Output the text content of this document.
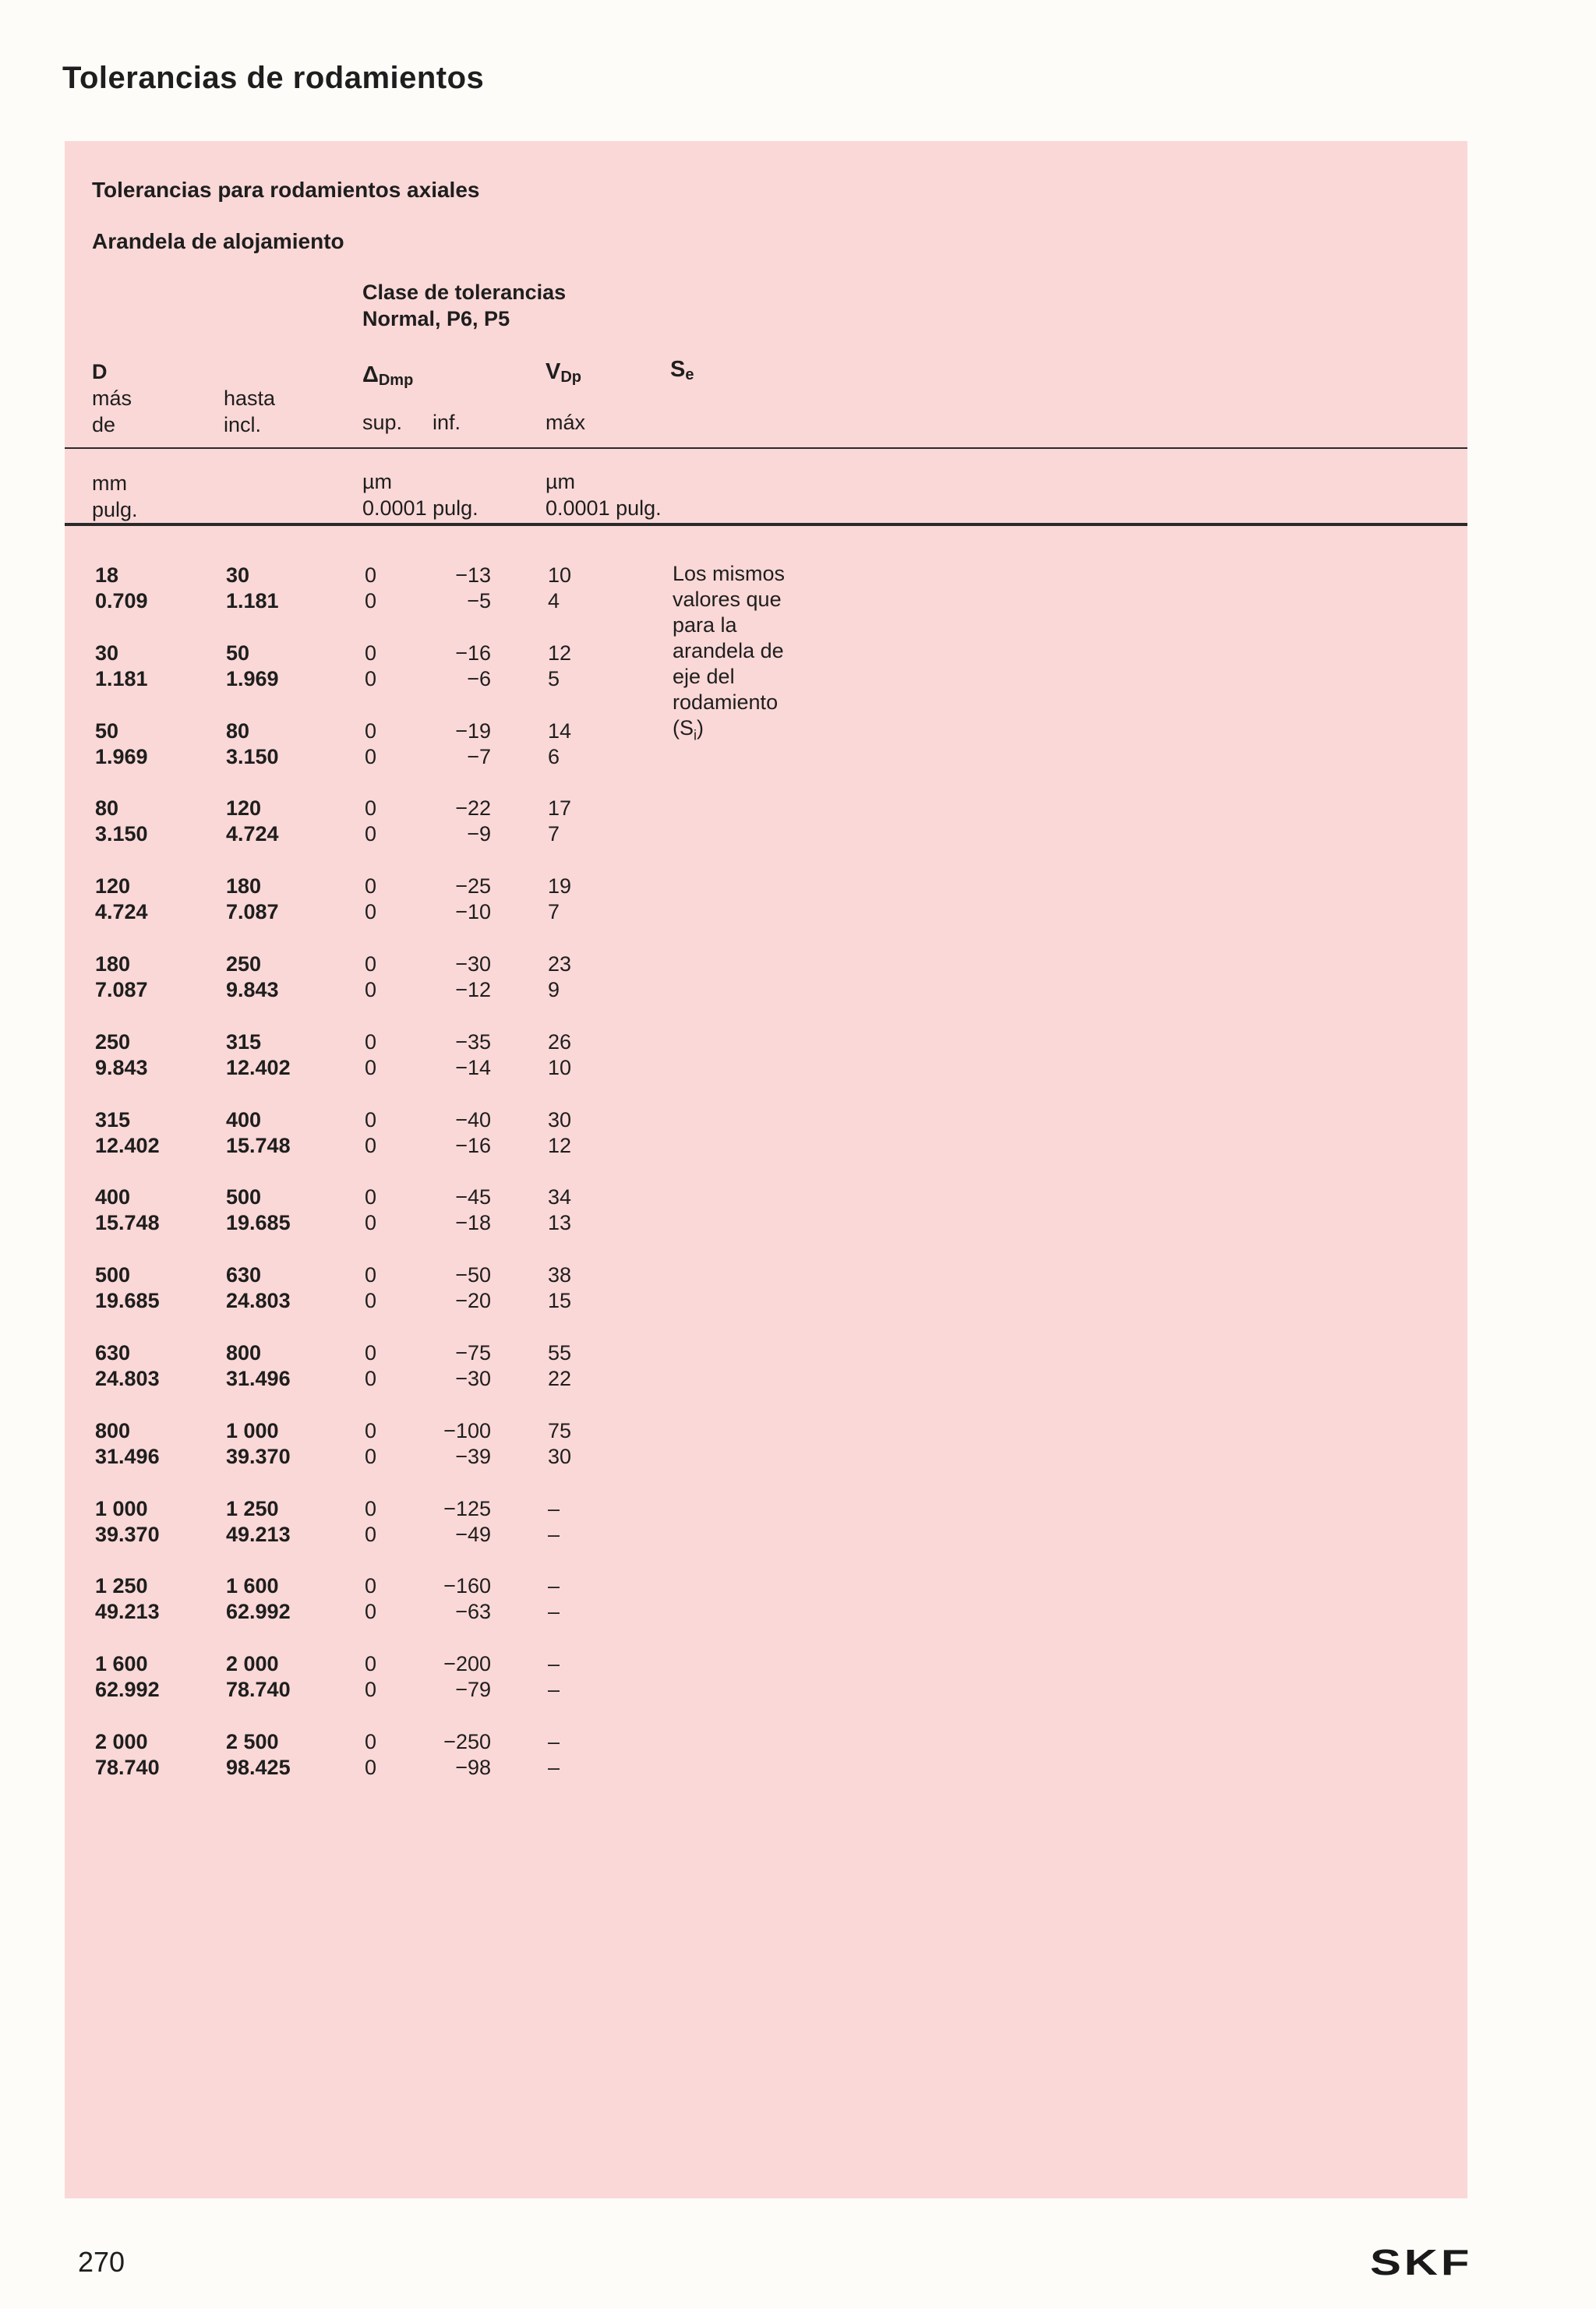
Tolerancias de rodamientos
Tolerancias para rodamientos axiales
Arandela de alojamiento
Clase de tolerancias
Normal, P6, P5
D
más
de
hasta
incl.
$\Delta_{Dmp}$
sup. inf.
$V_{Dp}$
máx
$S_e$
mm
pulg.
µm
0.0001 pulg.
µm
0.0001 pulg.
18
0.709
30
1.181
0
0
−13
−5
10
4
30
1.181
50
1.969
0
0
−16
−6
12
5
50
1.969
80
3.150
0
0
−19
−7
14
6
80
3.150
120
4.724
0
0
−22
−9
17
7
120
4.724
180
7.087
0
0
−25
−10
19
7
180
7.087
250
9.843
0
0
−30
−12
23
9
250
9.843
315
12.402
0
0
−35
−14
26
10
315
12.402
400
15.748
0
0
−40
−16
30
12
400
15.748
500
19.685
0
0
−45
−18
34
13
500
19.685
630
24.803
0
0
−50
−20
38
15
630
24.803
800
31.496
0
0
−75
−30
55
22
800
31.496
1 000
39.370
0
0
−100
−39
75
30
1 000
39.370
1 250
49.213
0
0
−125
−49
–
–
1 250
49.213
1 600
62.992
0
0
−160
−63
–
–
1 600
62.992
2 000
78.740
0
0
−200
−79
–
–
2 000
78.740
2 500
98.425
0
0
−250
−98
–
–
Los mismos
valores que
para la
arandela de
eje del
rodamiento
$(S_i)$
270	SKF
